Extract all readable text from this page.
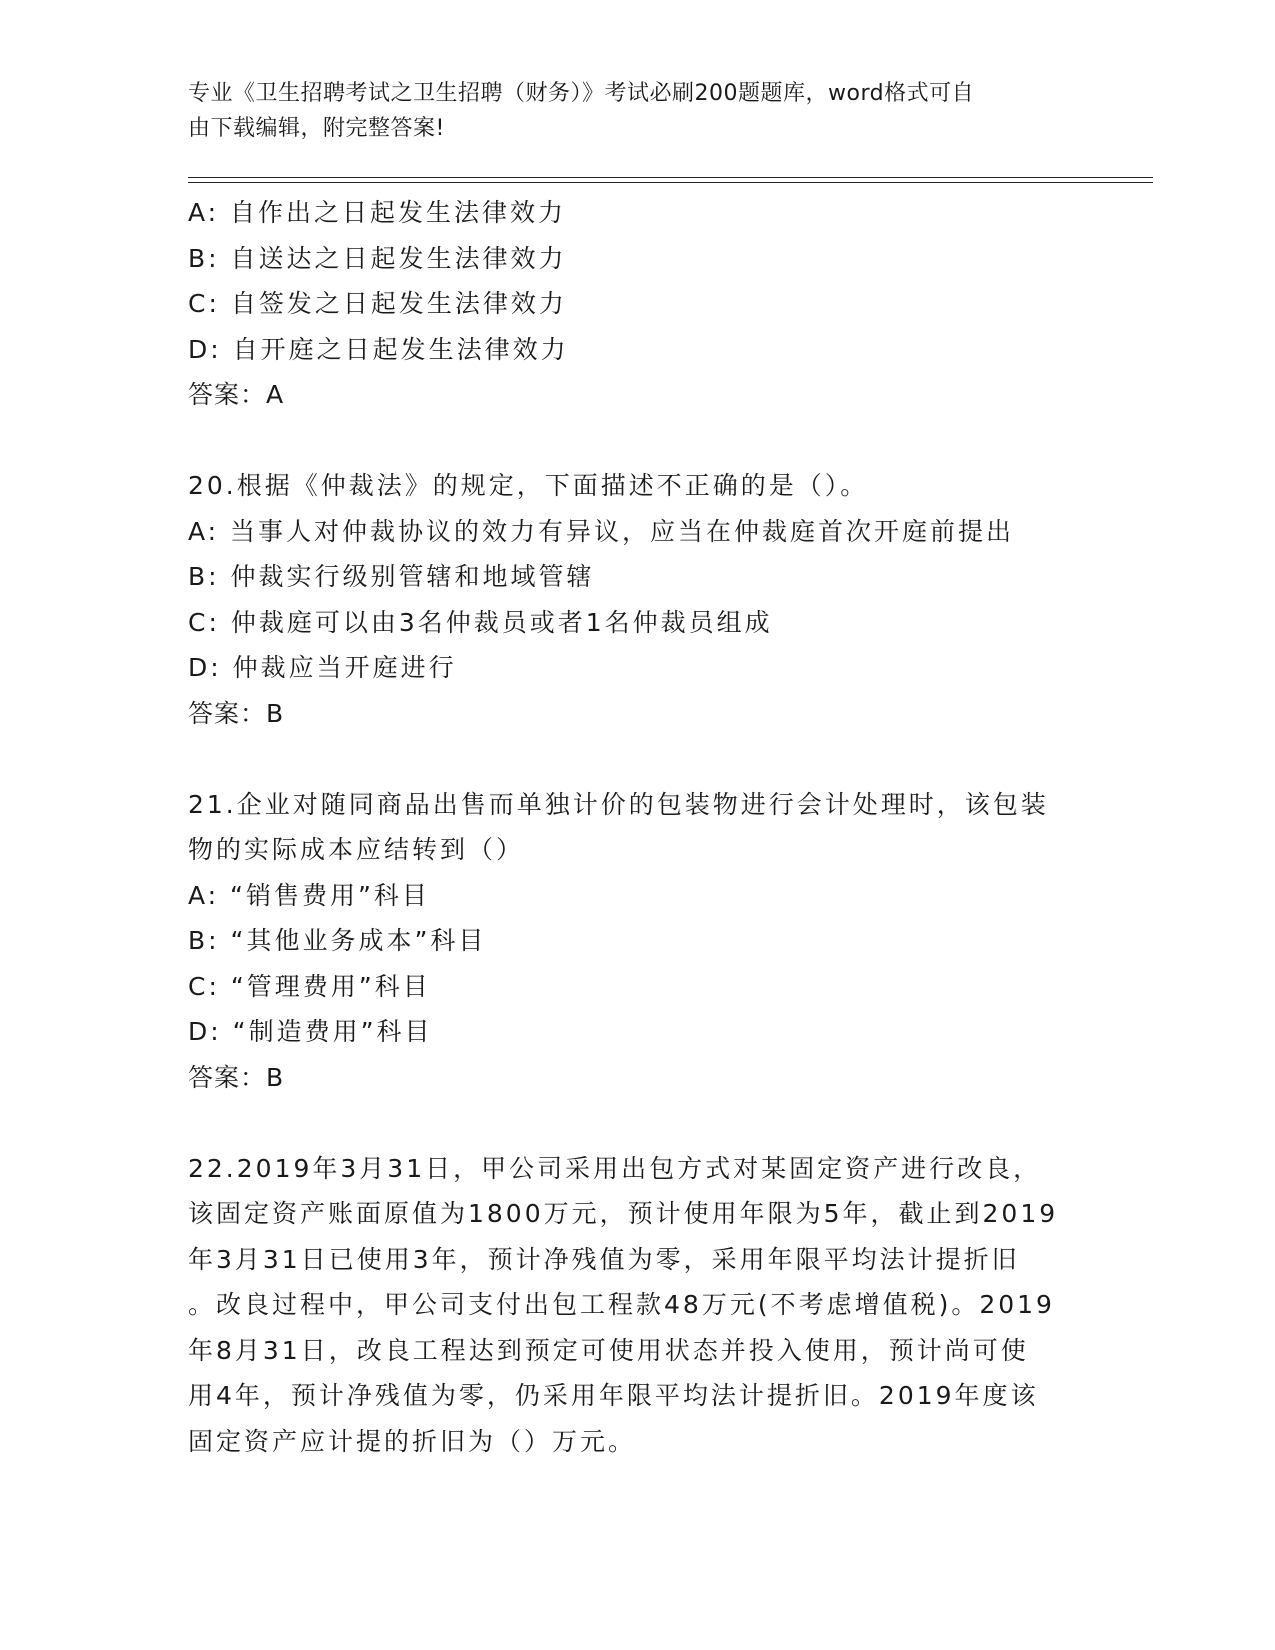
专业《卫生招聘考试之卫生招聘（财务）》考试必刷200题题库，word格式可自
由下载编辑，附完整答案!
A: 自作出之日起发生法律效力
B: 自送达之日起发生法律效力
C: 自签发之日起发生法律效力
D: 自开庭之日起发生法律效力
答案：A
20.根据《仲裁法》的规定，下面描述不正确的是（）。
A: 当事人对仲裁协议的效力有异议，应当在仲裁庭首次开庭前提出
B: 仲裁实行级别管辖和地域管辖
C: 仲裁庭可以由3名仲裁员或者1名仲裁员组成
D: 仲裁应当开庭进行
答案：B
21.企业对随同商品出售而单独计价的包装物进行会计处理时，该包装
物的实际成本应结转到（）
A: “销售费用”科目
B: “其他业务成本”科目
C: “管理费用”科目
D: “制造费用”科目
答案：B
22.2019年3月31日，甲公司采用出包方式对某固定资产进行改良，
该固定资产账面原值为1800万元，预计使用年限为5年，截止到2019
年3月31日已使用3年，预计净残值为零，采用年限平均法计提折旧
。改良过程中，甲公司支付出包工程款48万元(不考虑增值税)。2019
年8月31日，改良工程达到预定可使用状态并投入使用，预计尚可使
用4年，预计净残值为零，仍采用年限平均法计提折旧。2019年度该
固定资产应计提的折旧为（）万元。
